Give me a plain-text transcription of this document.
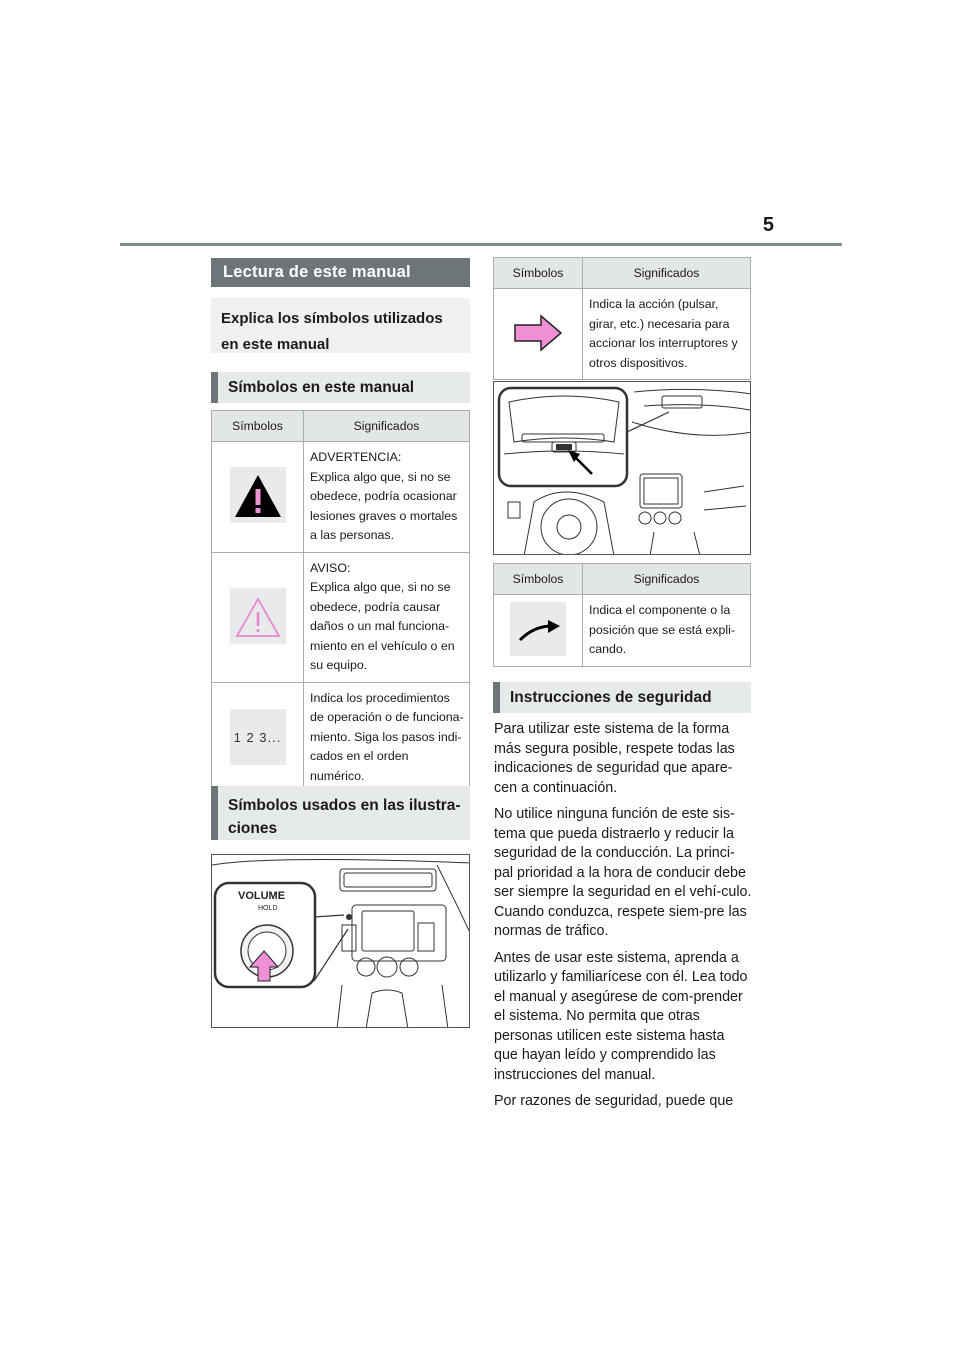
5
Lectura de este manual
Explica los símbolos utilizados en este manual
Símbolos en este manual
Símbolos	Significados
	ADVERTENCIA:
Explica algo que, si no se obedece, podría ocasionar lesiones graves o mortales a las personas.
	AVISO:
Explica algo que, si no se obedece, podría causar daños o un mal funciona-miento en el vehículo o en su equipo.

1 2 3...	Indica los procedimientos de operación o de funciona-miento. Siga los pasos indi-cados en el orden numérico.
Símbolos usados en las ilustra-ciones
VOLUME
HOLD
Símbolos	Significados
	Indica la acción (pulsar, girar, etc.) necesaria para accionar los interruptores y otros dispositivos.
Símbolos	Significados
	Indica el componente o la posición que se está expli-cando.
Instrucciones de seguridad

Para utilizar este sistema de la forma más segura posible, respete todas las indicaciones de seguridad que apare-cen a continuación.

No utilice ninguna función de este sis-tema que pueda distraerlo y reducir la seguridad de la conducción. La princi-pal prioridad a la hora de conducir debe ser siempre la seguridad en el vehí-culo. Cuando conduzca, respete siem-pre las normas de tráfico.

Antes de usar este sistema, aprenda a utilizarlo y familiarícese con él. Lea todo el manual y asegúrese de com-prender el sistema. No permita que otras personas utilicen este sistema hasta que hayan leído y comprendido las instrucciones del manual.

Por razones de seguridad, puede que
